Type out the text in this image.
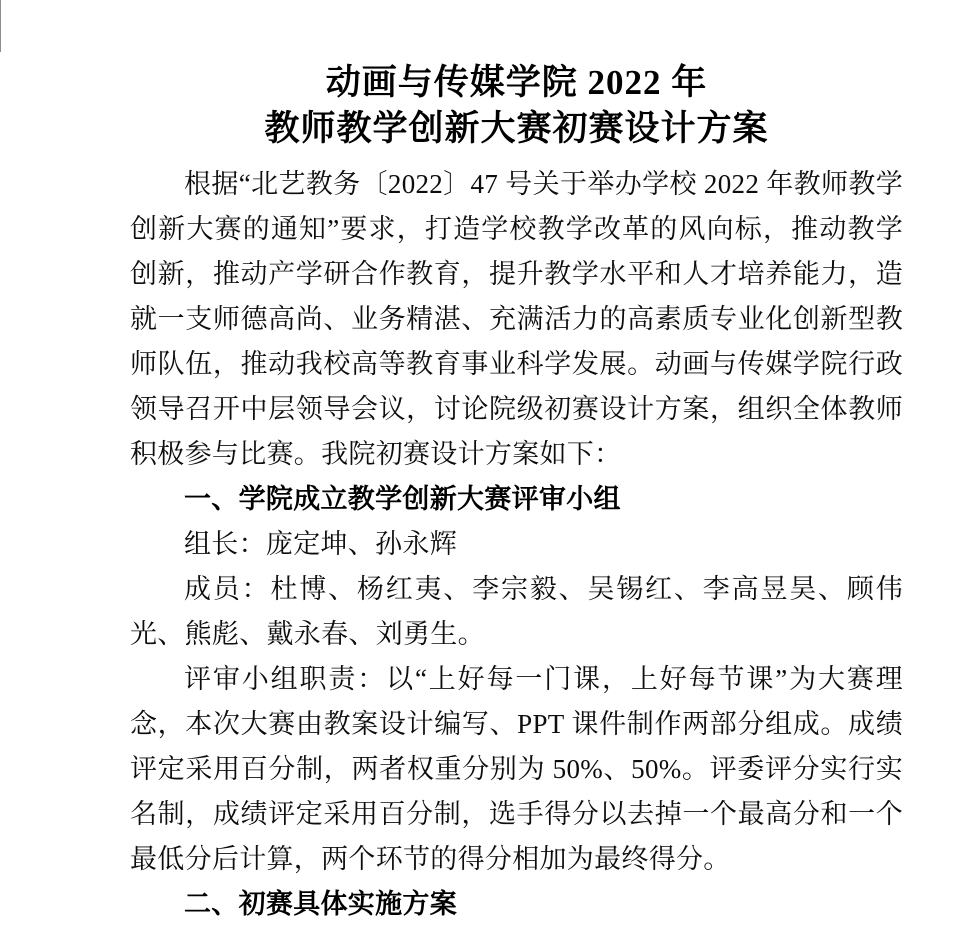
动画与传媒学院 2022 年
教师教学创新大赛初赛设计方案

根据“北艺教务〔2022〕47 号关于举办学校 2022 年教师教学创新大赛的通知”要求，打造学校教学改革的风向标，推动教学创新，推动产学研合作教育，提升教学水平和人才培养能力，造就一支师德高尚、业务精湛、充满活力的高素质专业化创新型教师队伍，推动我校高等教育事业科学发展。动画与传媒学院行政领导召开中层领导会议，讨论院级初赛设计方案，组织全体教师积极参与比赛。我院初赛设计方案如下：

一、学院成立教学创新大赛评审小组

组长：庞定坤、孙永辉

成员：杜博、杨红夷、李宗毅、吴锡红、李高昱昊、顾伟光、熊彪、戴永春、刘勇生。

评审小组职责：以“上好每一门课，上好每节课”为大赛理念，本次大赛由教案设计编写、PPT 课件制作两部分组成。成绩评定采用百分制，两者权重分别为 50%、50%。评委评分实行实名制，成绩评定采用百分制，选手得分以去掉一个最高分和一个最低分后计算，两个环节的得分相加为最终得分。

二、初赛具体实施方案
